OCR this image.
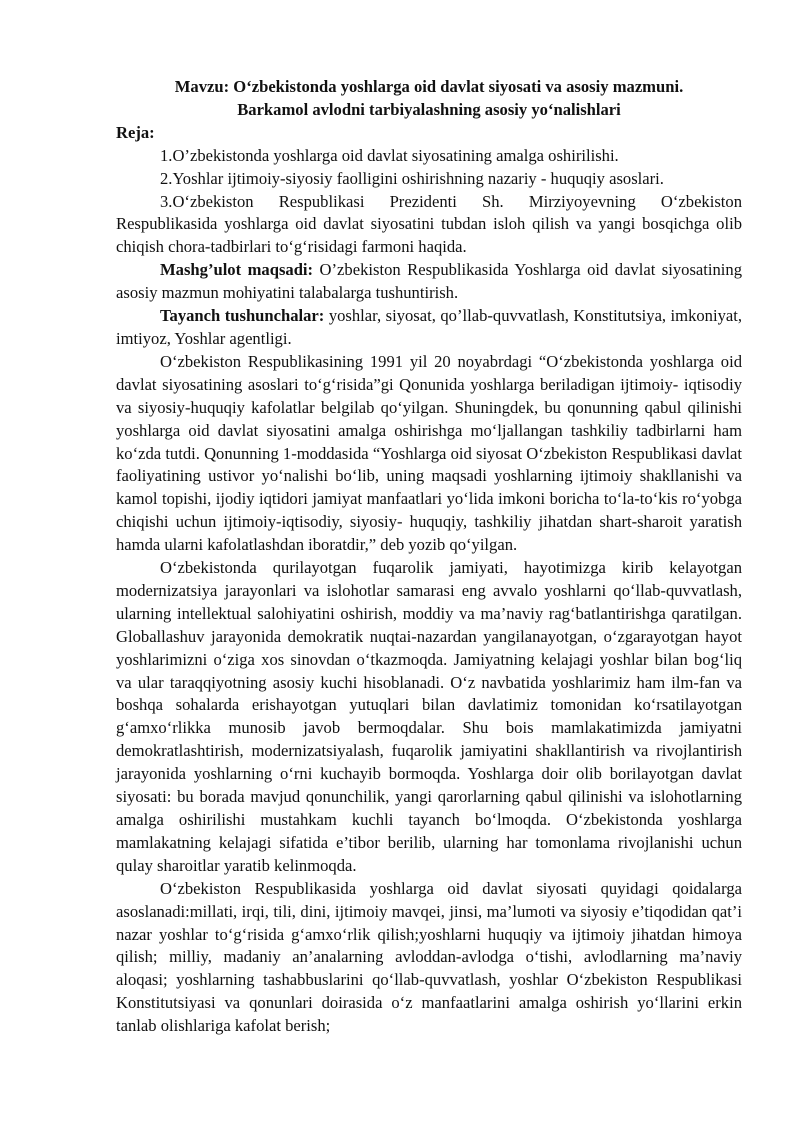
Mavzu: O‘zbekistonda yoshlarga oid davlat siyosati va asosiy mazmuni.
Barkamol avlodni tarbiyalashning asosiy yo‘nalishlari

Reja:

1.O’zbekistonda yoshlarga oid davlat siyosatining amalga oshirilishi.
2.Yoshlar ijtimoiy-siyosiy faolligini oshirishning nazariy - huquqiy asoslari.
3.O‘zbekiston Respublikasi Prezidenti Sh. Mirziyoyevning O‘zbekiston Respublikasida yoshlarga oid davlat siyosatini tubdan isloh qilish va yangi bosqichga olib chiqish chora-tadbirlari to‘g‘risidagi farmoni haqida.

Mashg’ulot maqsadi: O’zbekiston Respublikasida Yoshlarga oid davlat siyosatining asosiy mazmun mohiyatini talabalarga tushuntirish.

Tayanch tushunchalar: yoshlar, siyosat, qo’llab-quvvatlash, Konstitutsiya, imkoniyat, imtiyoz, Yoshlar agentligi.

O‘zbekiston Respublikasining 1991 yil 20 noyabrdagi “O‘zbekistonda yoshlarga oid davlat siyosatining asoslari to‘g‘risida”gi Qonunida yoshlarga beriladigan ijtimoiy- iqtisodiy va siyosiy-huquqiy kafolatlar belgilab qo‘yilgan. Shuningdek, bu qonunning qabul qilinishi yoshlarga oid davlat siyosatini amalga oshirishga mo‘ljallangan tashkiliy tadbirlarni ham ko‘zda tutdi. Qonunning 1-moddasida “Yoshlarga oid siyosat O‘zbekiston Respublikasi davlat faoliyatining ustivor yo‘nalishi bo‘lib, uning maqsadi yoshlarning ijtimoiy shakllanishi va kamol topishi, ijodiy iqtidori jamiyat manfaatlari yo‘lida imkoni boricha to‘la-to‘kis ro‘yobga chiqishi uchun ijtimoiy-iqtisodiy, siyosiy- huquqiy, tashkiliy jihatdan shart-sharoit yaratish hamda ularni kafolatlashdan iboratdir,” deb yozib qo‘yilgan.

O‘zbekistonda qurilayotgan fuqarolik jamiyati, hayotimizga kirib kelayotgan modernizatsiya jarayonlari va islohotlar samarasi eng avvalo yoshlarni qo‘llab-quvvatlash, ularning intellektual salohiyatini oshirish, moddiy va ma’naviy rag‘batlantirishga qaratilgan. Globallashuv jarayonida demokratik nuqtai-nazardan yangilanayotgan, o‘zgarayotgan hayot yoshlarimizni o‘ziga xos sinovdan o‘tkazmoqda. Jamiyatning kelajagi yoshlar bilan bog‘liq va ular taraqqiyotning asosiy kuchi hisoblanadi. O‘z navbatida yoshlarimiz ham ilm-fan va boshqa sohalarda erishayotgan yutuqlari bilan davlatimiz tomonidan ko‘rsatilayotgan g‘amxo‘rlikka munosib javob bermoqdalar. Shu bois mamlakatimizda jamiyatni demokratlashtirish, modernizatsiyalash, fuqarolik jamiyatini shakllantirish va rivojlantirish jarayonida yoshlarning o‘rni kuchayib bormoqda. Yoshlarga doir olib borilayotgan davlat siyosati: bu borada mavjud qonunchilik, yangi qarorlarning qabul qilinishi va islohotlarning amalga oshirilishi mustahkam kuchli tayanch bo‘lmoqda. O‘zbekistonda yoshlarga mamlakatning kelajagi sifatida e’tibor berilib, ularning har tomonlama rivojlanishi uchun qulay sharoitlar yaratib kelinmoqda.

O‘zbekiston Respublikasida yoshlarga oid davlat siyosati quyidagi qoidalarga asoslanadi:millati, irqi, tili, dini, ijtimoiy mavqei, jinsi, ma’lumoti va siyosiy e’tiqodidan qat’i nazar yoshlar to‘g‘risida g‘amxo‘rlik qilish;yoshlarni huquqiy va ijtimoiy jihatdan himoya qilish; milliy, madaniy an’analarning avloddan-avlodga o‘tishi, avlodlarning ma’naviy aloqasi; yoshlarning tashabbuslarini qo‘llab-quvvatlash, yoshlar O‘zbekiston Respublikasi Konstitutsiyasi va qonunlari doirasida o‘z manfaatlarini amalga oshirish yo‘llarini erkin tanlab olishlariga kafolat berish;
